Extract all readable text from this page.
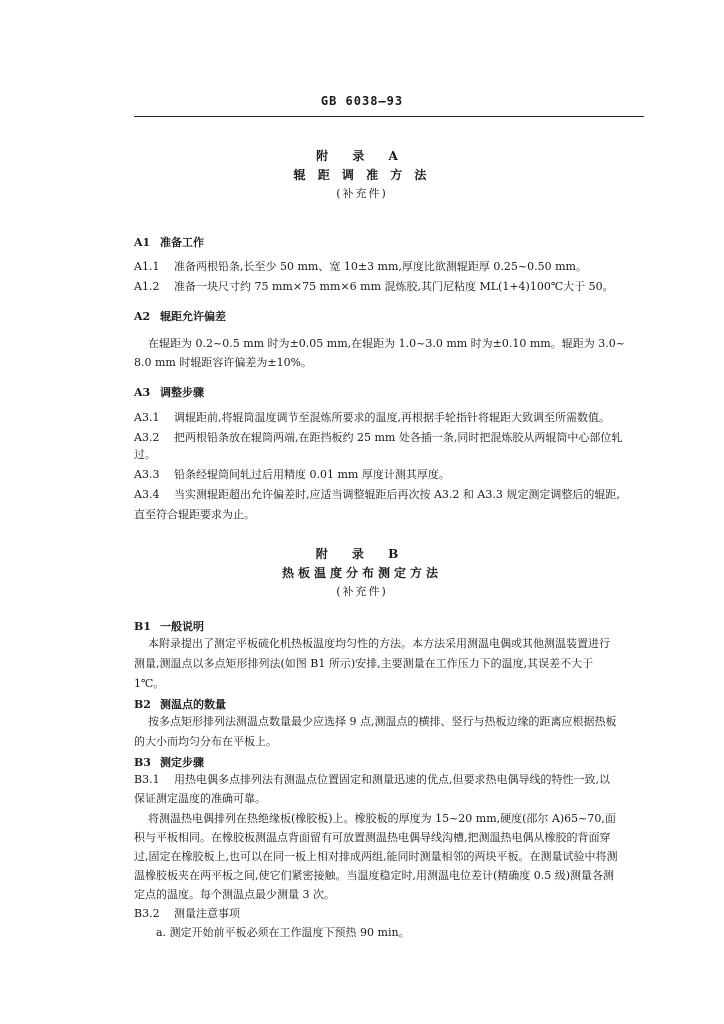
GB 6038—93
附 录 A
辊 距 调 准 方 法
(补充件)
A1 准备工作
A1.1 准备两根铅条,长至少 50 mm、宽 10±3 mm,厚度比欲测辊距厚 0.25~0.50 mm。
A1.2 准备一块尺寸约 75 mm×75 mm×6 mm 混炼胶,其门尼粘度 ML(1+4)100℃大于 50。
A2 辊距允许偏差
在辊距为 0.2~0.5 mm 时为±0.05 mm,在辊距为 1.0~3.0 mm 时为±0.10 mm。辊距为 3.0~
8.0 mm 时辊距容许偏差为±10%。
A3 调整步骤
A3.1 调辊距前,将辊筒温度调节至混炼所要求的温度,再根据手轮指针将辊距大致调至所需数值。
A3.2 把两根铅条放在辊筒两端,在距挡板约 25 mm 处各插一条,同时把混炼胶从两辊筒中心部位轧
过。
A3.3 铅条经辊筒间轧过后用精度 0.01 mm 厚度计测其厚度。
A3.4 当实测辊距超出允许偏差时,应适当调整辊距后再次按 A3.2 和 A3.3 规定测定调整后的辊距,
直至符合辊距要求为止。
附 录 B
热板温度分布测定方法
(补充件)
B1 一般说明
本附录提出了测定平板硫化机热板温度均匀性的方法。本方法采用测温电偶或其他测温装置进行
测量,测温点以多点矩形排列法(如图 B1 所示)安排,主要测量在工作压力下的温度,其误差不大于
1℃。
B2 测温点的数量
按多点矩形排列法测温点数量最少应选择 9 点,测温点的横排、竖行与热板边缘的距离应根据热板
的大小而均匀分布在平板上。
B3 测定步骤
B3.1 用热电偶多点排列法有测温点位置固定和测量迅速的优点,但要求热电偶导线的特性一致,以
保证测定温度的准确可靠。
将测温热电偶排列在热绝缘板(橡胶板)上。橡胶板的厚度为 15~20 mm,硬度(邵尔 A)65~70,面
积与平板相同。在橡胶板测温点背面留有可放置测温热电偶导线沟槽,把测温热电偶从橡胶的背面穿
过,固定在橡胶板上,也可以在同一板上相对排成两组,能同时测量相邻的两块平板。在测量试验中将测
温橡胶板夹在两平板之间,使它们紧密接触。当温度稳定时,用测温电位差计(精确度 0.5 级)测量各测
定点的温度。每个测温点最少测量 3 次。
B3.2 测量注意事项
a. 测定开始前平板必须在工作温度下预热 90 min。
